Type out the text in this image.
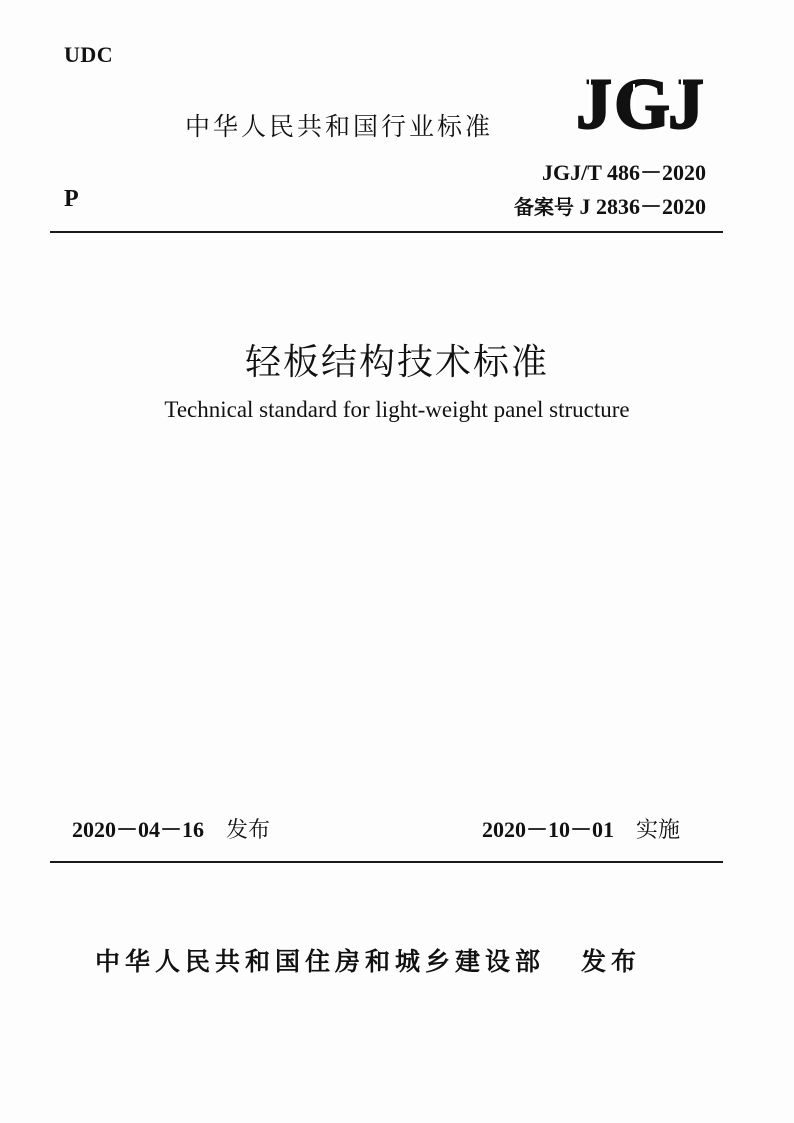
UDC
中华人民共和国行业标准 J G
J
JGJ/T 486－2020
备案号 J 2836－2020
P
轻板结构技术标准
Technical standard for light-weight panel structure
2020－04－16 发布	2020－10－01 实施
中华人民共和国住房和城乡建设部 发布
